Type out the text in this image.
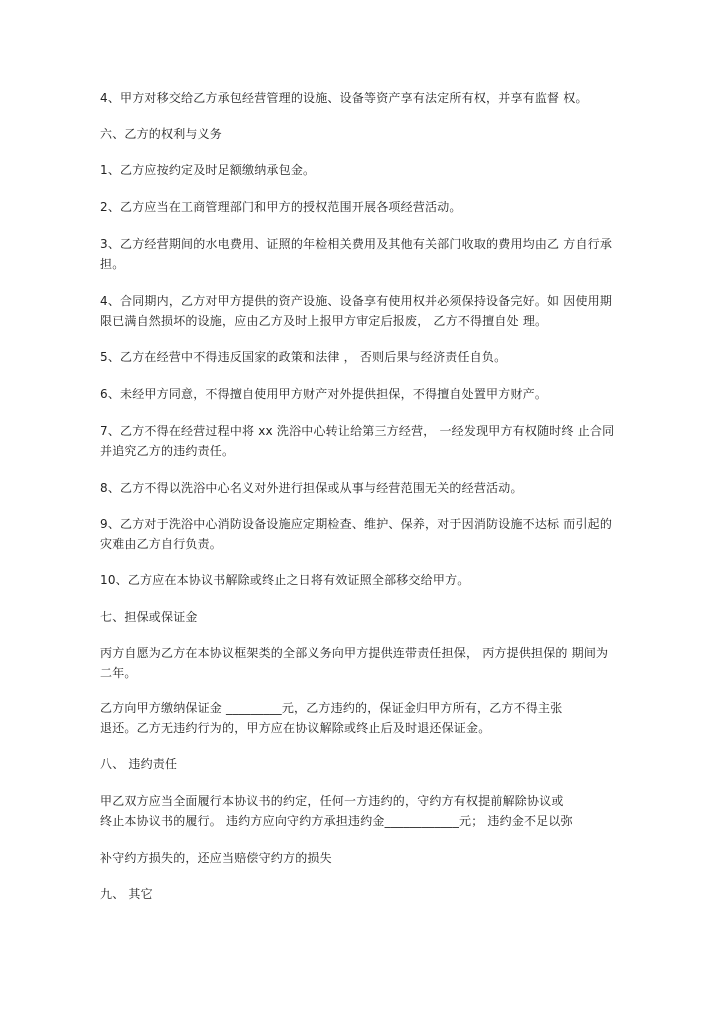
4、甲方对移交给乙方承包经营管理的设施、设备等资产享有法定所有权，并享有监督 权。
六、乙方的权利与义务
1、乙方应按约定及时足额缴纳承包金。
2、乙方应当在工商管理部门和甲方的授权范围开展各项经营活动。
3、乙方经营期间的水电费用、证照的年检相关费用及其他有关部门收取的费用均由乙 方自行承
担。
4、合同期内，乙方对甲方提供的资产设施、设备享有使用权并必须保持设备完好。如 因使用期
限已满自然损坏的设施，应由乙方及时上报甲方审定后报废， 乙方不得擅自处 理。
5、乙方在经营中不得违反国家的政策和法律 ， 否则后果与经济责任自负。
6、未经甲方同意，不得擅自使用甲方财产对外提供担保，不得擅自处置甲方财产。
7、乙方不得在经营过程中将 xx 洗浴中心转让给第三方经营， 一经发现甲方有权随时终 止合同
并追究乙方的违约责任。
8、乙方不得以洗浴中心名义对外进行担保或从事与经营范围无关的经营活动。
9、乙方对于洗浴中心消防设备设施应定期检查、维护、保养，对于因消防设施不达标 而引起的
灾难由乙方自行负责。
10、乙方应在本协议书解除或终止之日将有效证照全部移交给甲方。
七、担保或保证金
丙方自愿为乙方在本协议框架类的全部义务向甲方提供连带责任担保， 丙方提供担保的 期间为
二年。
乙方向甲方缴纳保证金 _________元，乙方违约的，保证金归甲方所有，乙方不得主张
退还。乙方无违约行为的，甲方应在协议解除或终止后及时退还保证金。
八、 违约责任
甲乙双方应当全面履行本协议书的约定，任何一方违约的，守约方有权提前解除协议或
终止本协议书的履行。 违约方应向守约方承担违约金____________元； 违约金不足以弥
补守约方损失的，还应当赔偿守约方的损失
九、 其它
